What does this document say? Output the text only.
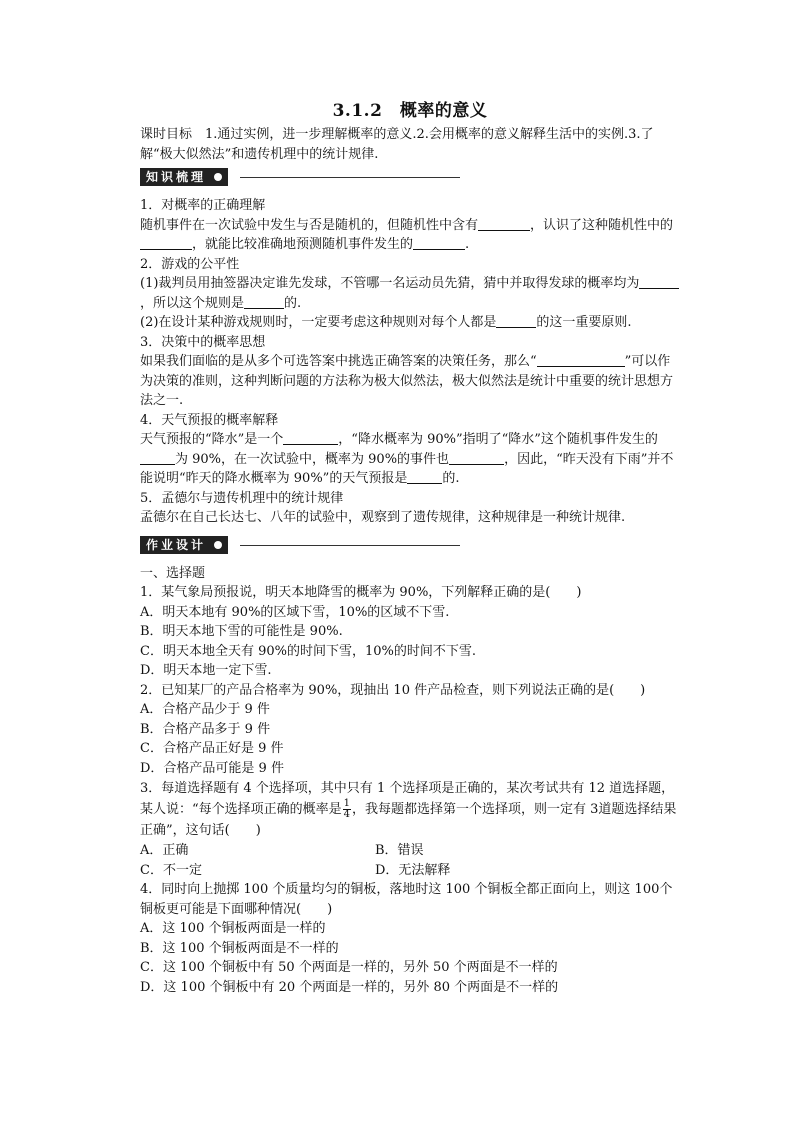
3.1.2　概率的意义

课时目标　1.通过实例，进一步理解概率的意义.2.会用概率的意义解释生活中的实例.3.了解“极大似然法”和遗传机理中的统计规律.

知识梳理

1．对概率的正确理解

随机事件在一次试验中发生与否是随机的，但随机性中含有	，认识了这种随机性中的，就能比较准确地预测随机事件发生的	.

2．游戏的公平性

(1)裁判员用抽签器决定谁先发球，不管哪一名运动员先猜，猜中并取得发球的概率均为，所以这个规则是	的.

(2)在设计某种游戏规则时，一定要考虑这种规则对每个人都是	的这一重要原则.

3．决策中的概率思想

如果我们面临的是从多个可选答案中挑选正确答案的决策任务，那么“	”可以作为决策的准则，这种判断问题的方法称为极大似然法，极大似然法是统计中重要的统计思想方法之一.

4．天气预报的概率解释

天气预报的“降水”是一个	，“降水概率为 90%”指明了“降水”这个随机事件发生的为 90%，在一次试验中，概率为 90%的事件也	，因此，“昨天没有下雨”并不能说明“昨天的降水概率为 90%”的天气预报是	的.

5．孟德尔与遗传机理中的统计规律

孟德尔在自己长达七、八年的试验中，观察到了遗传规律，这种规律是一种统计规律.

作业设计

一、选择题

1．某气象局预报说，明天本地降雪的概率为 90%，下列解释正确的是(　　)

A．明天本地有 90%的区域下雪，10%的区域不下雪.

B．明天本地下雪的可能性是 90%.

C．明天本地全天有 90%的时间下雪，10%的时间不下雪.

D．明天本地一定下雪.

2．已知某厂的产品合格率为 90%，现抽出 10 件产品检查，则下列说法正确的是(　　)

A．合格产品少于 9 件

B．合格产品多于 9 件

C．合格产品正好是 9 件

D．合格产品可能是 9 件

3．每道选择题有 4 个选择项，其中只有 1 个选择项是正确的，某次考试共有 12 道选择题，某人说：“每个选择项正确的概率是 $\frac{1}{4}$ ，我每题都选择第一个选择项，则一定有 3道题选择结果正确”，这句话(　　)

A．正确	B．错误
C．不一定	D．无法解释

4．同时向上抛掷 100 个质量均匀的铜板，落地时这 100 个铜板全都正面向上，则这 100个铜板更可能是下面哪种情况(　　)

A．这 100 个铜板两面是一样的

B．这 100 个铜板两面是不一样的

C．这 100 个铜板中有 50 个两面是一样的，另外 50 个两面是不一样的

D．这 100 个铜板中有 20 个两面是一样的，另外 80 个两面是不一样的
